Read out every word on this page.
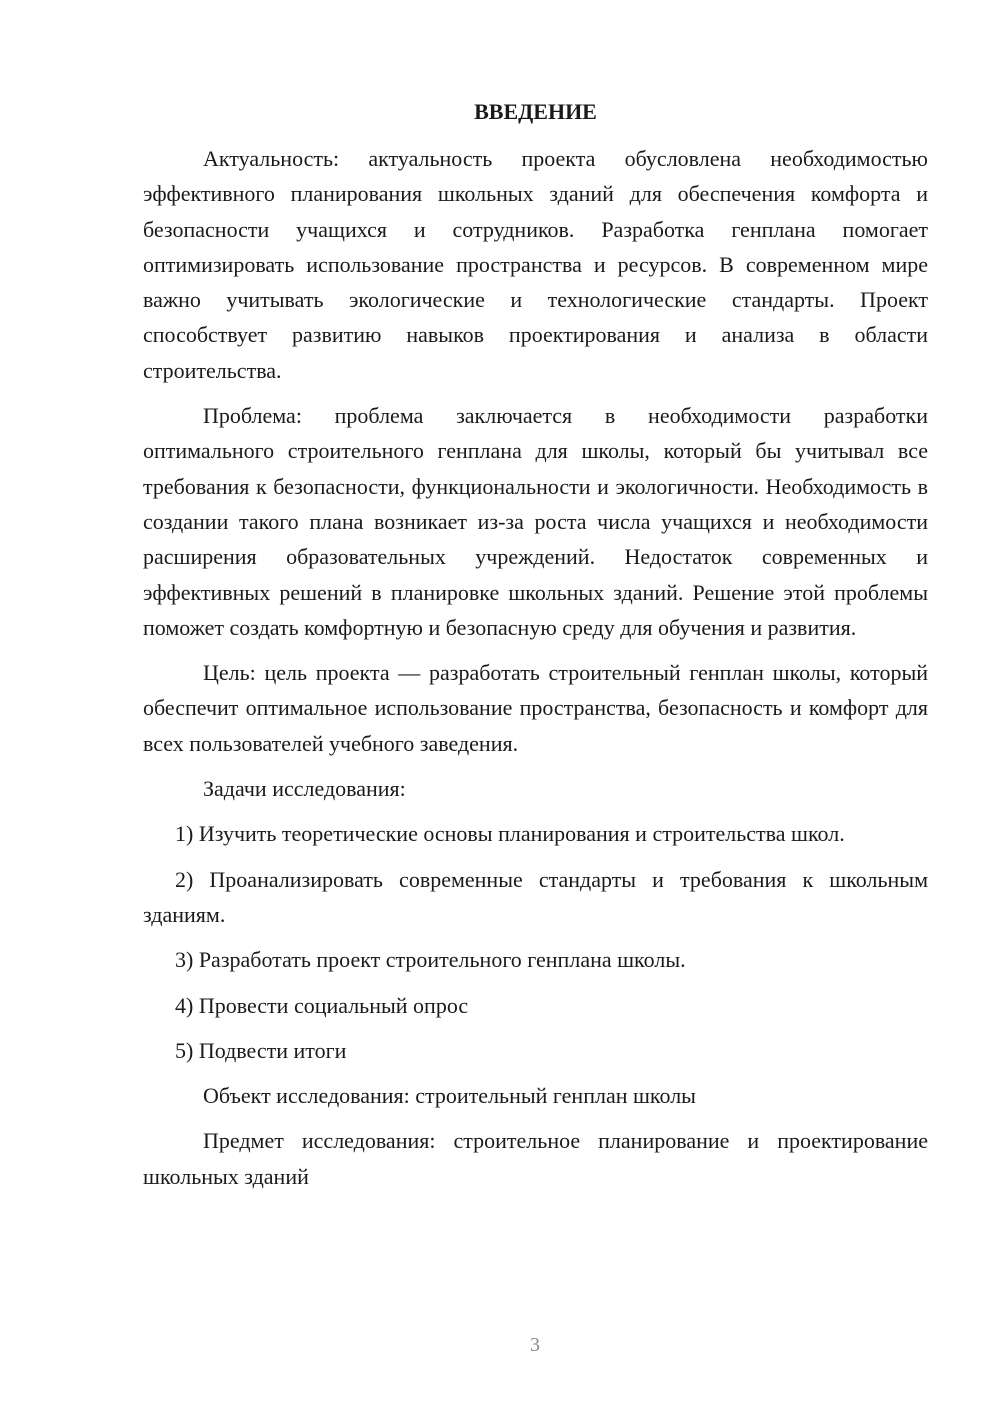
ВВЕДЕНИЕ

Актуальность: актуальность проекта обусловлена необходимостью эффективного планирования школьных зданий для обеспечения комфорта и безопасности учащихся и сотрудников. Разработка генплана помогает оптимизировать использование пространства и ресурсов. В современном мире важно учитывать экологические и технологические стандарты. Проект способствует развитию навыков проектирования и анализа в области строительства.

Проблема: проблема заключается в необходимости разработки оптимального строительного генплана для школы, который бы учитывал все требования к безопасности, функциональности и экологичности. Необходимость в создании такого плана возникает из-за роста числа учащихся и необходимости расширения образовательных учреждений. Недостаток современных и эффективных решений в планировке школьных зданий. Решение этой проблемы поможет создать комфортную и безопасную среду для обучения и развития.

Цель: цель проекта — разработать строительный генплан школы, который обеспечит оптимальное использование пространства, безопасность и комфорт для всех пользователей учебного заведения.

Задачи исследования:

1) Изучить теоретические основы планирования и строительства школ.

2) Проанализировать современные стандарты и требования к школьным зданиям.

3) Разработать проект строительного генплана школы.

4) Провести социальный опрос

5) Подвести итоги

Объект исследования: строительный генплан школы

Предмет исследования: строительное планирование и проектирование школьных зданий

3
